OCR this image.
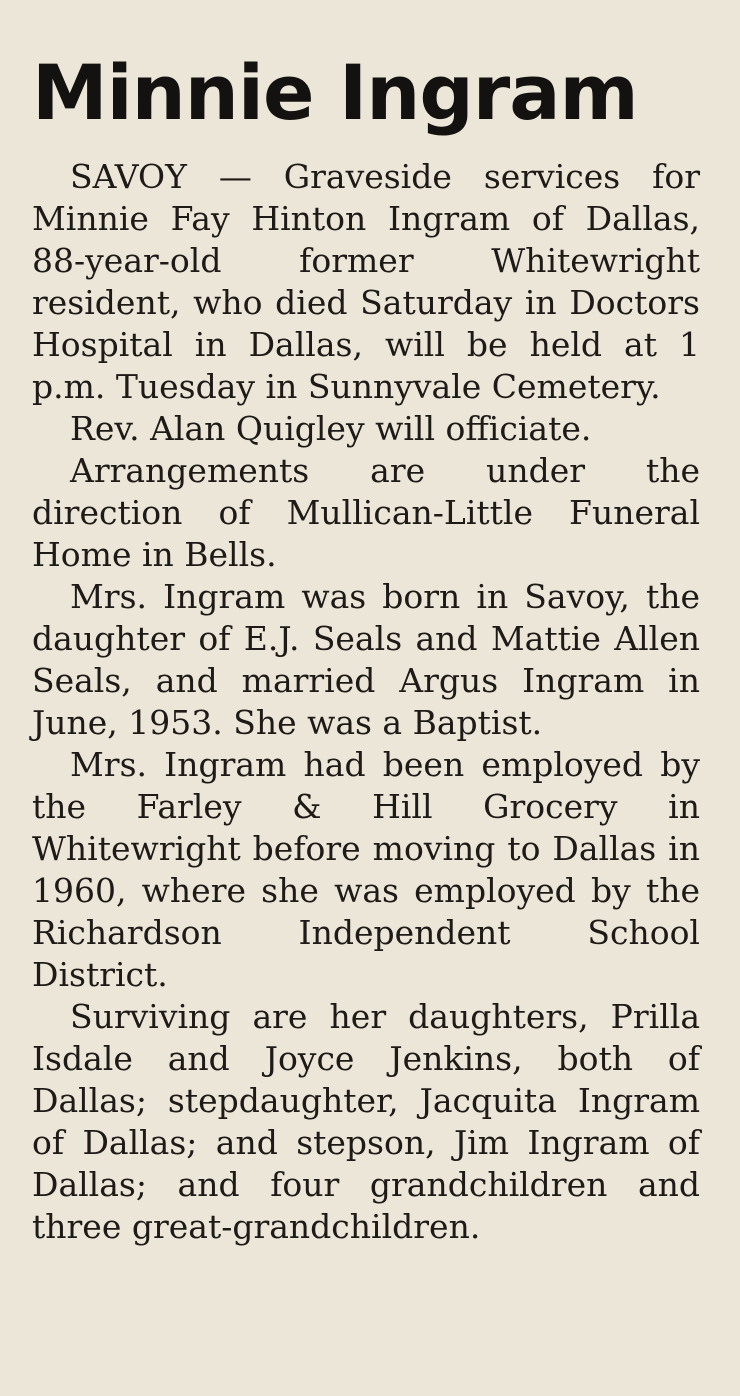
Minnie Ingram

SAVOY — Graveside services for Minnie Fay Hinton Ingram of Dallas, 88-year-old former Whitewright resident, who died Saturday in Doctors Hospital in Dallas, will be held at 1 p.m. Tuesday in Sunnyvale Cemetery.

Rev. Alan Quigley will officiate.

Arrangements are under the direction of Mullican-Little Funeral Home in Bells.

Mrs. Ingram was born in Savoy, the daughter of E.J. Seals and Mattie Allen Seals, and married Argus Ingram in June, 1953. She was a Baptist.

Mrs. Ingram had been employed by the Farley & Hill Grocery in Whitewright before moving to Dallas in 1960, where she was employed by the Richardson Independent School District.

Surviving are her daughters, Prilla Isdale and Joyce Jenkins, both of Dallas; stepdaughter, Jacquita Ingram of Dallas; and stepson, Jim Ingram of Dallas; and four grandchildren and three great-grandchildren.
